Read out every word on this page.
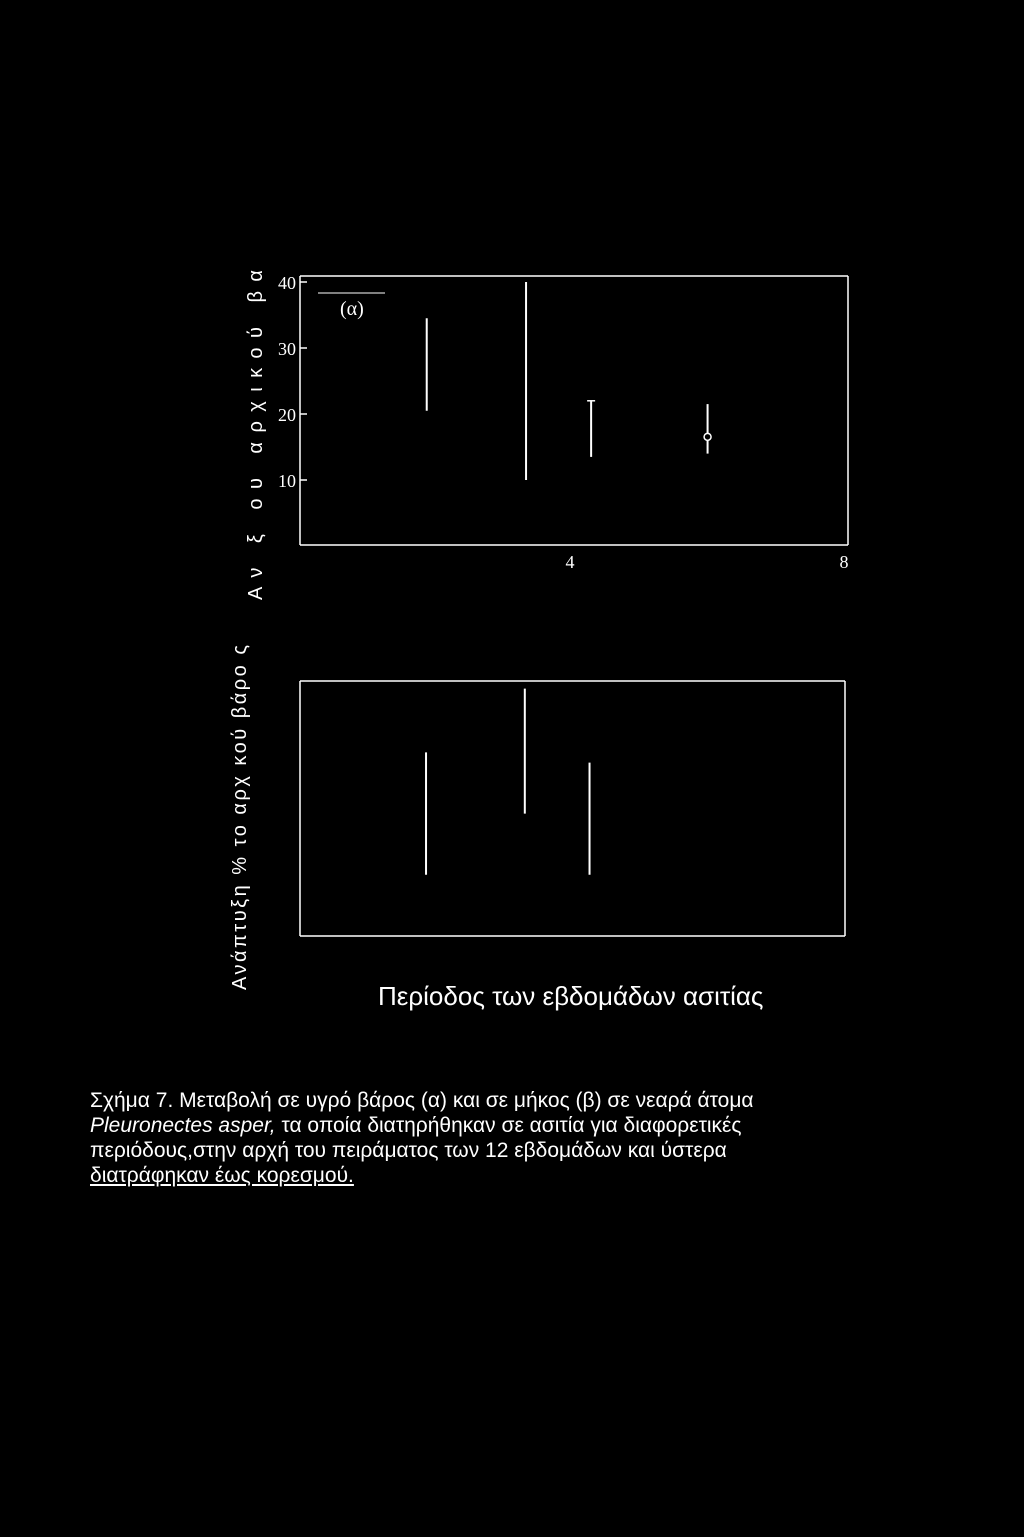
(α)
40
30
20
10
4	8
Αν ξ ου αρχικού βα
Ανάπτυξη % το αρχ κού βάρο ς
Περίοδος των εβδομάδων ασιτίας

Σχήμα 7. Μεταβολή σε υγρό βάρος (α) και σε μήκος (β) σε νεαρά άτομα

Pleuronectes asper, τα οποία διατηρήθηκαν σε ασιτία για διαφορετικές

περιόδους,στην αρχή του πειράματος των 12 εβδομάδων και ύστερα

διατράφηκαν έως κορεσμού.
